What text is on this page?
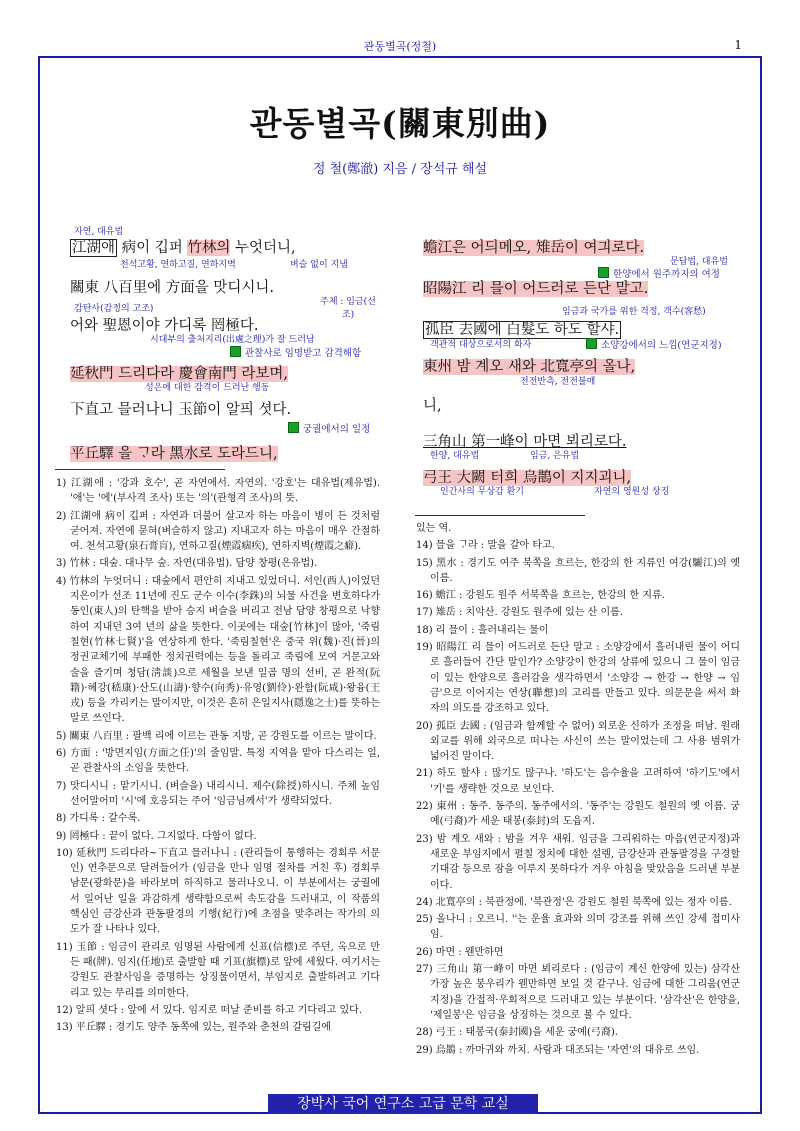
관동별곡(정철)	1
관동별곡(關東別曲)
정 철(鄭澈) 지음 / 장석규 해설
자연, 대유법
江湖애 病이 깁퍼 竹林의 누엇더니,
천석고황, 연하고질, 연하지벽	벼슬 없이 지냄
關東 八百里에 方面을 맛디시니.
감탄사(감정의 고조)
주체 : 임금(선조)
어와 聖恩이야 가디록 罔極다.
시대부의 출처지리(出處之理)가 잘 드러남
관찰사로 임명받고 감격해함
延秋門 드리다라 慶會南門 라보며,
성은에 대한 감격이 드러난 행동
下直고 믈러나니 玉節이 알픠 셧다.
궁궐에서의 일정
平丘驛 을 ᄀᆞ라 黑水로 도라드니,
蟾江은 어듸메오, 雉岳이 여긔로다.
문답법, 대유법
한양에서 원주까지의 여정
昭陽江 리 믈이 어드러로 든단 말고.
임금과 국가를 위한 걱정, 객수(客愁)
孤臣 去國에 白髮도 하도 할샤.
객관적 대상으로서의 화자	소양강에서의 느낌(연군지정)
東州 밤 계오 새와 北寬亭의 올나,
전전반측, 전전불매
니,
三角山 第一峰이 마면 뵈리로다.
한양, 대유법	임금, 은유법
弓王 大闕 터희 烏鵲이 지지괴니,
인간사의 무상감 환기	자연의 영원성 상징

1) 江湖애 : '강과 호수', 곧 자연에서. 자연의. '강호'는 대유법(제유법). '애'는 '에'(부사격 조사) 또는 '의'(관형격 조사)의 뜻.

2) 江湖애 病이 깁퍼 : 자연과 더불어 살고자 하는 마음이 병이 든 것처럼 굳어져. 자연에 묻혀(벼슬하지 않고) 지내고자 하는 마음이 매우 간절하여. 천석고황(泉石膏肓), 연하고질(煙霞痼疾), 연하지벽(煙霞之癖).

3) 竹林 : 대숲. 대나무 숲. 자연(대유법). 담양 창평(은유법).

4) 竹林의 누엇더니 : 대숲에서 편안히 지내고 있었더니. 서인(西人)이었던 지은이가 선조 11년에 진도 군수 이수(李銖)의 뇌물 사건을 변호하다가 동인(東人)의 탄핵을 받아 승지 벼슬을 버리고 전남 담양 창평으로 낙향하여 지내던 3여 년의 삶을 뜻한다. 이곳에는 대숲[竹林]이 많아, '죽림칠현(竹林七賢)'을 연상하게 한다. '죽림칠현'은 중국 위(魏)·진(晉)의 정권교체기에 부패한 정치권력에는 등을 돌리고 죽림에 모여 거문고와 술을 즐기며 청담(淸談)으로 세월을 보낸 일곱 명의 선비, 곧 완적(阮籍)·혜강(嵇康)·산도(山濤)·향수(向秀)·유영(劉伶)·완함(阮咸)·왕융(王戎) 등을 가리키는 말이지만, 이것은 흔히 은일지사(隱逸之士)를 뜻하는 말로 쓰인다.

5) 關東 八百里 : 팔백 리에 이르는 관동 지방, 곧 강원도를 이르는 말이다.

6) 方面 : '방면지임(方面之任)'의 줄임말. 특정 지역을 맡아 다스리는 일, 곧 관찰사의 소임을 뜻한다.

7) 맛디시니 : 맡기시니. (벼슬을) 내리시니. 제수(除授)하시니. 주체 높임 선어말어미 '시'에 호응되는 주어 '임금님께서'가 생략되었다.

8) 가디록 : 갈수록.

9) 罔極다 : 끝이 없다. 그지없다. 다함이 없다.

10) 延秋門 드리다라~下直고 믈러나니 : (관리들이 통행하는 경회루 서문인) 연추문으로 달려들어가 (임금을 만나 임명 절차를 거친 후) 경회루 남문(광화문)을 바라보며 하직하고 물러나오니. 이 부분에서는 궁궐에서 일어난 일을 과감하게 생략함으로써 속도감을 드러내고, 이 작품의 핵심인 금강산과 관동팔경의 기행(紀行)에 초점을 맞추려는 작가의 의도가 잘 나타나 있다.

11) 玉節 : 임금이 관리로 임명된 사람에게 신표(信標)로 주던, 옥으로 만든 패(牌). 임지(任地)로 출발할 때 기표(旗標)로 앞에 세웠다. 여기서는 강원도 관찰사임을 증명하는 상징물이면서, 부임지로 출발하려고 기다리고 있는 무리를 의미한다.

12) 알픠 셧다 : 앞에 서 있다. 임지로 떠날 준비를 하고 기다리고 있다.

13) 平丘驛 : 경기도 양주 동쪽에 있는, 원주와 춘천의 갈림길에

있는 역.

14) 믈을 ᄀᆞ라 : 말을 갈아 타고.

15) 黑水 : 경기도 여주 북쪽을 흐르는, 한강의 한 지류인 여강(驪江)의 옛 이름.

16) 蟾江 : 강원도 원주 서북쪽을 흐르는, 한강의 한 지류.

17) 雉岳 : 치악산. 강원도 원주에 있는 산 이름.

18) 리 믈이 : 흘러내리는 물이

19) 昭陽江 리 믈이 어드러로 든단 말고 : 소양강에서 흘러내린 물이 어디로 흘러들어 간단 말인가? 소양강이 한강의 상류에 있으니 그 물이 임금이 있는 한양으로 흘러감을 생각하면서 '소양강 → 한강 → 한양 → 임금'으로 이어지는 연상(聯想)의 고리를 만들고 있다. 의문문을 써서 화자의 의도를 강조하고 있다.

20) 孤臣 去國 : (임금과 함께할 수 없어) 외로운 신하가 조정을 떠남. 원래 외교를 위해 외국으로 떠나는 사신이 쓰는 말이었는데 그 사용 범위가 넓어진 말이다.

21) 하도 할샤 : 많기도 많구나. '하도'는 음수율을 고려하여 '하기도'에서 '기'를 생략한 것으로 보인다.

22) 東州 : 동주. 동주의. 동주에서의. '동주'는 강원도 철원의 옛 이름. 궁예(弓裔)가 세운 태봉(泰封)의 도읍지.

23) 밤 계오 새와 : 밤을 겨우 새워. 임금을 그리워하는 마음(연군지정)과 새로운 부임지에서 펼칠 정치에 대한 설렘, 금강산과 관동팔경을 구경할 기대감 등으로 잠을 이루지 못하다가 겨우 아침을 맞았음을 드러낸 부분이다.

24) 北寬亭의 : 북관정에. '북관정'은 강원도 철원 북쪽에 있는 정자 이름.

25) 올나니 : 오르니. ''는 운율 효과와 의미 강조를 위해 쓰인 강세 접미사임.

26) 마면 : 웬만하면

27) 三角山 第一峰이 마면 뵈리로다 : (임금이 계신 한양에 있는) 삼각산 가장 높은 봉우리가 웬만하면 보일 것 같구나. 임금에 대한 그리움(연군지정)을 간접적·우회적으로 드러내고 있는 부분이다. '삼각산'은 한양을, '제일봉'은 임금을 상징하는 것으로 볼 수 있다.

28) 弓王 : 태봉국(泰封國)을 세운 궁예(弓裔).

29) 烏鵲 : 까마귀와 까치. 사람과 대조되는 '자연'의 대유로 쓰임.

장박사 국어 연구소 고급 문학 교실
